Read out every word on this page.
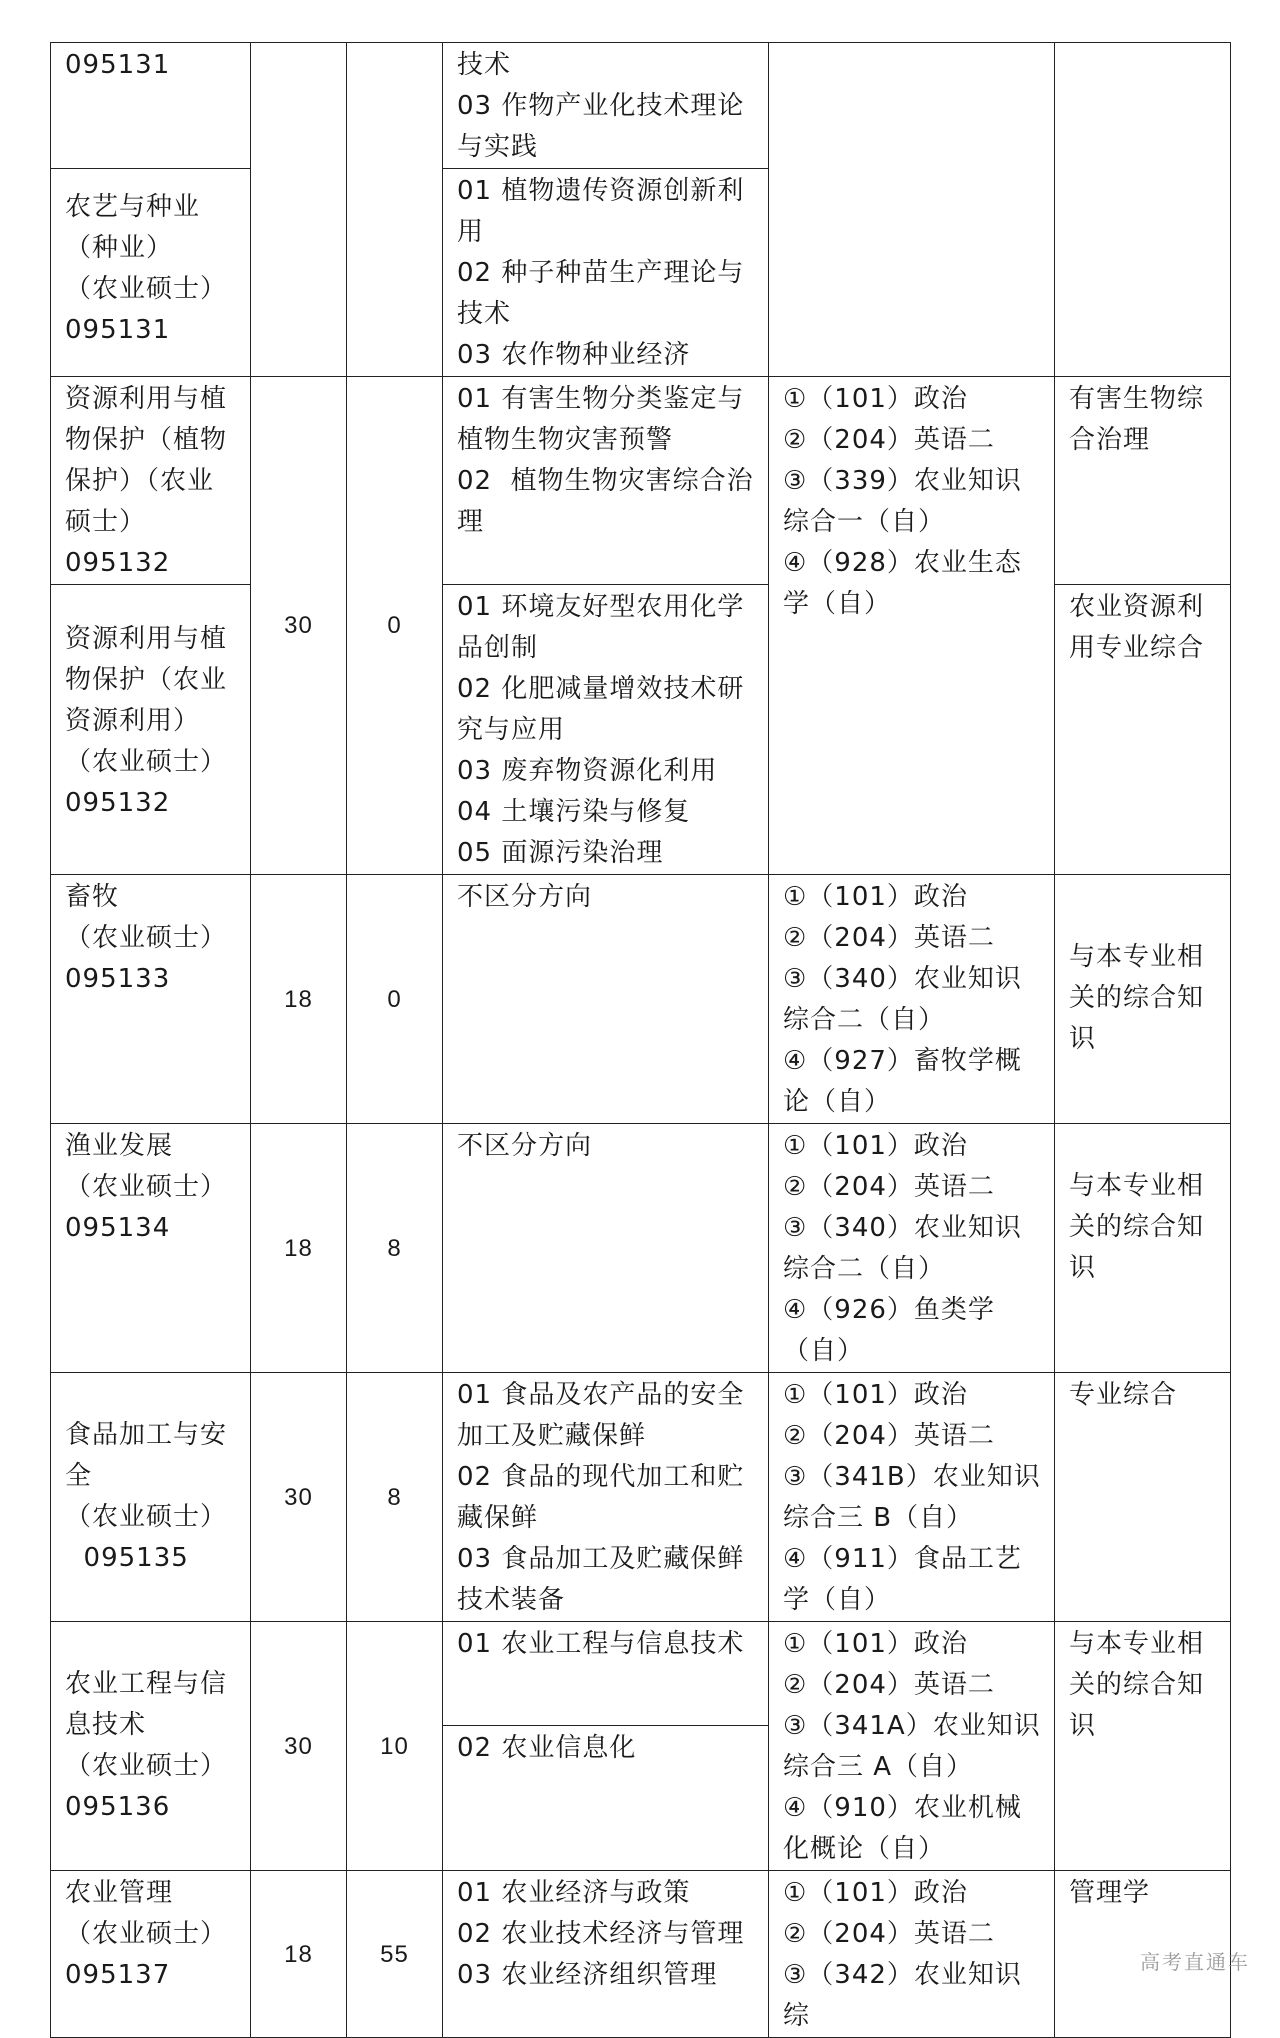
095131			技术
03 作物产业化技术理论与实践		

农艺与种业
（种业）
（农业硕士）
095131			01 植物遗传资源创新利用
02 种子种苗生产理论与技术
03 农作物种业经济		

资源利用与植物保护（植物保护）（农业硕士）
095132	30	0	01 有害生物分类鉴定与植物生物灾害预警
02  植物生物灾害综合治理	①（101）政治
②（204）英语二
③（339）农业知识综合一（自）
④（928）农业生态学（自）	有害生物综合治理

资源利用与植物保护（农业资源利用）
（农业硕士）
095132			01 环境友好型农用化学品创制
02 化肥减量增效技术研究与应用
03 废弃物资源化利用
04 土壤污染与修复
05 面源污染治理		农业资源利用专业综合

畜牧
（农业硕士）
095133	18	0	不区分方向	①（101）政治
②（204）英语二
③（340）农业知识综合二（自）
④（927）畜牧学概论（自）	与本专业相关的综合知识

渔业发展
（农业硕士）
095134	18	8	不区分方向	①（101）政治
②（204）英语二
③（340）农业知识综合二（自）
④（926）鱼类学（自）	与本专业相关的综合知识

食品加工与安全
（农业硕士）
095135	30	8	01 食品及农产品的安全加工及贮藏保鲜
02 食品的现代加工和贮藏保鲜
03 食品加工及贮藏保鲜技术装备	①（101）政治
②（204）英语二
③（341B）农业知识综合三 B（自）
④（911）食品工艺学（自）	专业综合

农业工程与信息技术
（农业硕士）
095136	30	10	01 农业工程与信息技术	①（101）政治
②（204）英语二
③（341A）农业知识综合三 A（自）
④（910）农业机械化概论（自）	与本专业相关的综合知识

			02 农业信息化		

农业管理
（农业硕士）
095137	18	55	01 农业经济与政策
02 农业技术经济与管理
03 农业经济组织管理	①（101）政治
②（204）英语二
③（342）农业知识综	管理学
高考直通车
